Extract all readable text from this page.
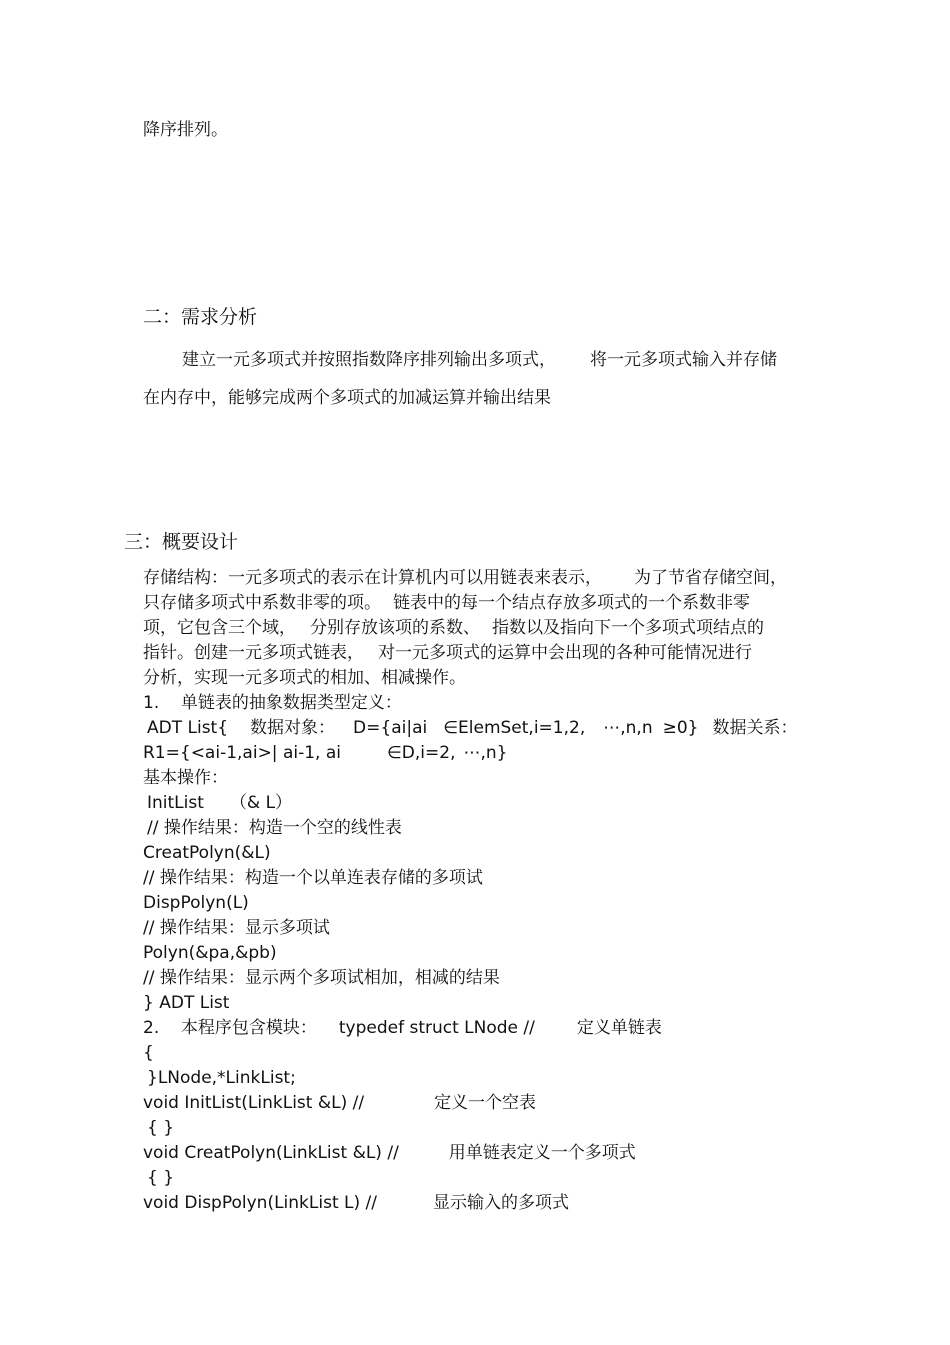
降序排列。
二：需求分析
建立一元多项式并按照指数降序排列输出多项式， 将一元多项式输入并存储
在内存中，能够完成两个多项式的加减运算并输出结果
三：概要设计
存储结构：一元多项式的表示在计算机内可以用链表来表示， 为了节省存储空间，
只存储多项式中系数非零的项。 链表中的每一个结点存放多项式的一个系数非零
项，它包含三个域， 分别存放该项的系数、 指数以及指向下一个多项式项结点的
指针。创建一元多项式链表， 对一元多项式的运算中会出现的各种可能情况进行
分析，实现一元多项式的相加、相减操作。
1.    单链表的抽象数据类型定义：
ADT List{ 数据对象： D={ai|ai ∈ElemSet,i=1,2, ⋯,n,n ≥0} 数据关系：
R1={<ai-1,ai>| ai-1, ai	∈D,i=2, ⋯,n}
基本操作：
InitList （& L）
// 操作结果：构造一个空的线性表
CreatPolyn(&L)
// 操作结果：构造一个以单连表存储的多项试
DispPolyn(L)
// 操作结果：显示多项试
Polyn(&pa,&pb)
// 操作结果：显示两个多项试相加，相减的结果
} ADT List
2.    本程序包含模块： typedef struct LNode // 定义单链表
{
}LNode,*LinkList;
void InitList(LinkList &L) //	定义一个空表
{ }
void CreatPolyn(LinkList &L) //	用单链表定义一个多项式
{ }
void DispPolyn(LinkList L) //	显示输入的多项式
